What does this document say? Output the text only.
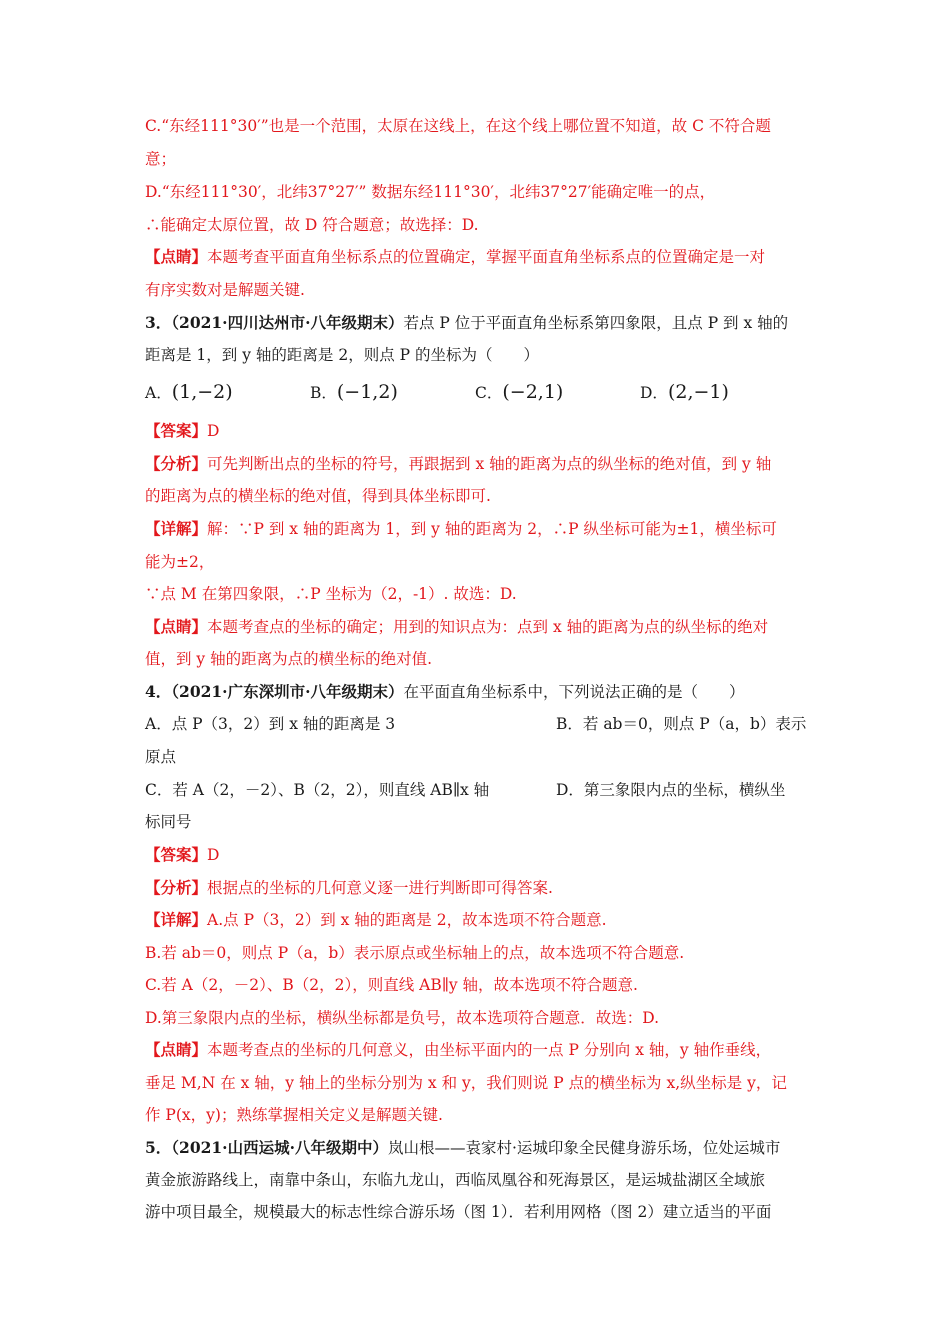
C.“东经111°30′”也是一个范围，太原在这线上，在这个线上哪位置不知道，故 C 不符合题
意；
D.“东经111°30′，北纬37°27′” 数据东经111°30′，北纬37°27′能确定唯一的点，
∴能确定太原位置，故 D 符合题意；故选择：D.
【点睛】本题考查平面直角坐标系点的位置确定，掌握平面直角坐标系点的位置确定是一对
有序实数对是解题关键.
3．（2021·四川达州市·八年级期末）若点 P 位于平面直角坐标系第四象限，且点 P 到 x 轴的
距离是 1，到 y 轴的距离是 2，则点 P 的坐标为（　　）
A．(1,−2)	B．(−1,2)	C．(−2,1)	D．(2,−1)
【答案】D
【分析】可先判断出点的坐标的符号，再跟据到 x 轴的距离为点的纵坐标的绝对值，到 y 轴
的距离为点的横坐标的绝对值，得到具体坐标即可.
【详解】解：∵P 到 x 轴的距离为 1，到 y 轴的距离为 2，∴P 纵坐标可能为±1，横坐标可
能为±2，
∵点 M 在第四象限，∴P 坐标为（2，-1）. 故选：D.
【点睛】本题考查点的坐标的确定；用到的知识点为：点到 x 轴的距离为点的纵坐标的绝对
值，到 y 轴的距离为点的横坐标的绝对值.
4．（2021·广东深圳市·八年级期末）在平面直角坐标系中，下列说法正确的是（　　）
A．点 P（3，2）到 x 轴的距离是 3	B．若 ab＝0，则点 P（a，b）表示
原点
C．若 A（2，－2）、B（2，2），则直线 AB∥x 轴	D．第三象限内点的坐标，横纵坐
标同号
【答案】D
【分析】根据点的坐标的几何意义逐一进行判断即可得答案.
【详解】A.点 P（3，2）到 x 轴的距离是 2，故本选项不符合题意.
B.若 ab＝0，则点 P（a，b）表示原点或坐标轴上的点，故本选项不符合题意.
C.若 A（2，－2）、B（2，2），则直线 AB∥y 轴，故本选项不符合题意.
D.第三象限内点的坐标，横纵坐标都是负号，故本选项符合题意．故选：D.
【点睛】本题考查点的坐标的几何意义，由坐标平面内的一点 P 分别向 x 轴，y 轴作垂线，
垂足 M,N 在 x 轴，y 轴上的坐标分别为 x 和 y，我们则说 P 点的横坐标为 x,纵坐标是 y，记
作 P(x，y)；熟练掌握相关定义是解题关键.
5．（2021·山西运城·八年级期中）岚山根——袁家村·运城印象全民健身游乐场，位处运城市
黄金旅游路线上，南靠中条山，东临九龙山，西临凤凰谷和死海景区，是运城盐湖区全域旅
游中项目最全，规模最大的标志性综合游乐场（图 1）．若利用网格（图 2）建立适当的平面
